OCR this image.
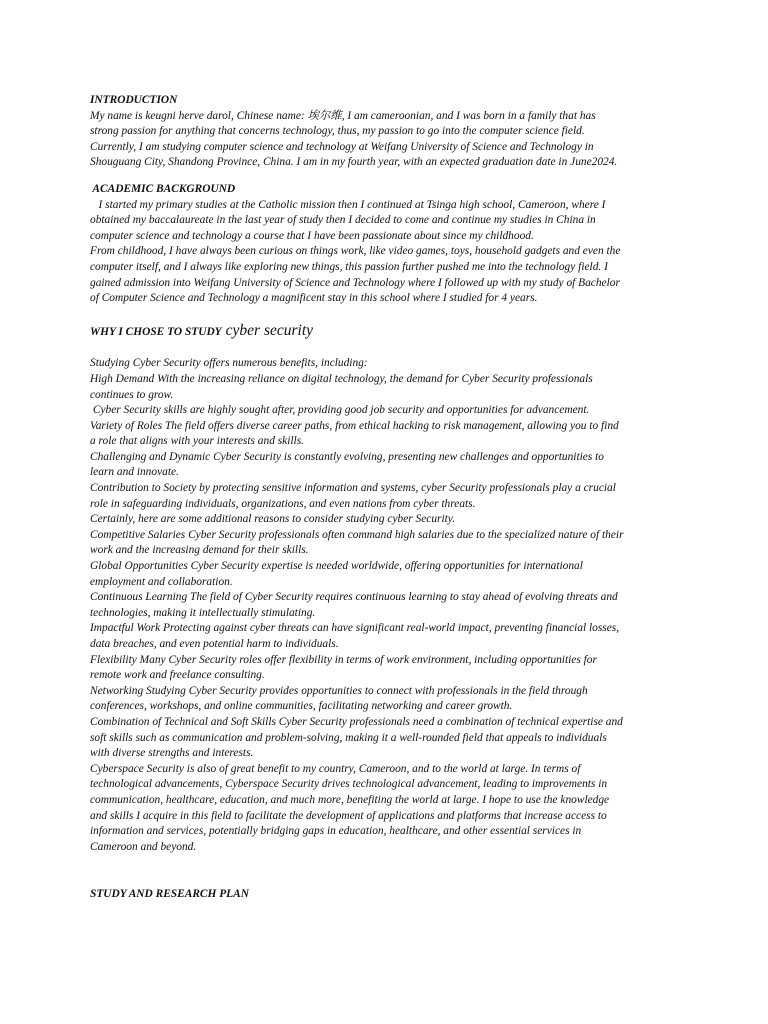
INTRODUCTION

My name is keugni herve darol, Chinese name: 埃尔维, I am cameroonian, and I was born in a family that has

strong passion for anything that concerns technology, thus, my passion to go into the computer science field.

Currently, I am studying computer science and technology at Weifang University of Science and Technology in

Shouguang City, Shandong Province, China. I am in my fourth year, with an expected graduation date in June2024.

ACADEMIC BACKGROUND

I started my primary studies at the Catholic mission then I continued at Tsinga high school, Cameroon, where I

obtained my baccalaureate in the last year of study then I decided to come and continue my studies in China in

computer science and technology a course that I have been passionate about since my childhood.

From childhood, I have always been curious on things work, like video games, toys, household gadgets and even the

computer itself, and I always like exploring new things, this passion further pushed me into the technology field. I

gained admission into Weifang University of Science and Technology where I followed up with my study of Bachelor

of Computer Science and Technology a magnificent stay in this school where I studied for 4 years.

WHY I CHOSE TO STUDY cyber security

Studying Cyber Security offers numerous benefits, including:

High Demand With the increasing reliance on digital technology, the demand for Cyber Security professionals

continues to grow.

Cyber Security skills are highly sought after, providing good job security and opportunities for advancement.

Variety of Roles The field offers diverse career paths, from ethical hacking to risk management, allowing you to find

a role that aligns with your interests and skills.

Challenging and Dynamic Cyber Security is constantly evolving, presenting new challenges and opportunities to

learn and innovate.

Contribution to Society by protecting sensitive information and systems, cyber Security professionals play a crucial

role in safeguarding individuals, organizations, and even nations from cyber threats.

Certainly, here are some additional reasons to consider studying cyber Security.

Competitive Salaries Cyber Security professionals often command high salaries due to the specialized nature of their

work and the increasing demand for their skills.

Global Opportunities Cyber Security expertise is needed worldwide, offering opportunities for international

employment and collaboration.

Continuous Learning The field of Cyber Security requires continuous learning to stay ahead of evolving threats and

technologies, making it intellectually stimulating.

Impactful Work Protecting against cyber threats can have significant real-world impact, preventing financial losses,

data breaches, and even potential harm to individuals.

Flexibility Many Cyber Security roles offer flexibility in terms of work environment, including opportunities for

remote work and freelance consulting.

Networking Studying Cyber Security provides opportunities to connect with professionals in the field through

conferences, workshops, and online communities, facilitating networking and career growth.

Combination of Technical and Soft Skills Cyber Security professionals need a combination of technical expertise and

soft skills such as communication and problem-solving, making it a well-rounded field that appeals to individuals

with diverse strengths and interests.

Cyberspace Security is also of great benefit to my country, Cameroon, and to the world at large. In terms of

technological advancements, Cyberspace Security drives technological advancement, leading to improvements in

communication, healthcare, education, and much more, benefiting the world at large. I hope to use the knowledge

and skills I acquire in this field to facilitate the development of applications and platforms that increase access to

information and services, potentially bridging gaps in education, healthcare, and other essential services in

Cameroon and beyond.

STUDY AND RESEARCH PLAN
